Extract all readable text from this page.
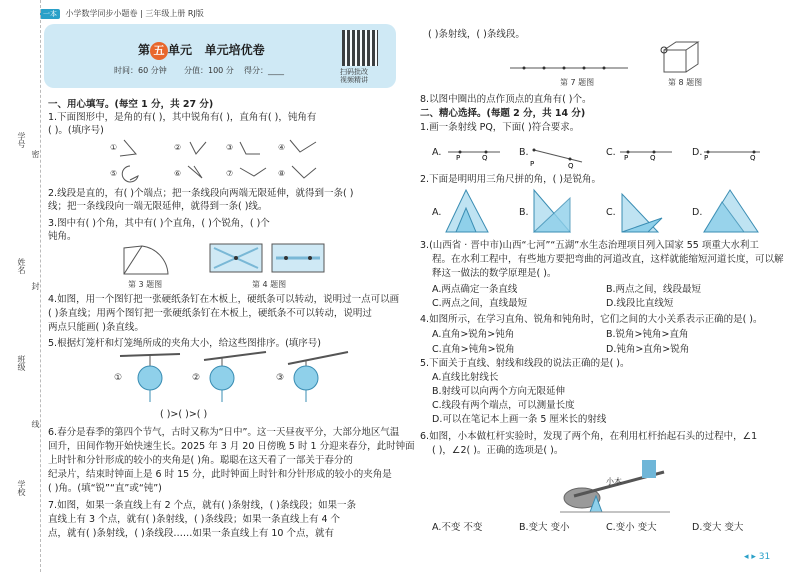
一本 小学数学同步小题卷 | 三年级上册 RJ版
学号
姓名
封
班级
线
学校
密
第 五 单元 单元培优卷
时间：60 分钟 分值：100 分 得分：____	扫码批改
视频精讲
一、用心填写。(每空 1 分，共 27 分)
1.下面图形中，是角的有( )，其中锐角有( )，直角有( )，钝角有
( )。(填序号)
①	②	③	④
⑤	⑥	⑦	⑧
2.线段是直的，有( )个端点；把一条线段向两端无限延伸，就得到一条( )
线；把一条线段向一端无限延伸，就得到一条( )线。
3.图中有( )个角，其中有( )个直角，( )个锐角，( )个
钝角。
第 3 题图	第 4 题图
4.如图，用一个图钉把一张硬纸条钉在木板上，硬纸条可以转动，说明过一点可以画
( )条直线；用两个图钉把一张硬纸条钉在木板上，硬纸条不可以转动，说明过
两点只能画( )条直线。
5.根据灯笼杆和灯笼绳所成的夹角大小，给这些图排序。(填序号)
①	②	③
( )>( )>( )
6.春分是春季的第四个节气，古时又称为“日中”。这一天昼夜平分，大部分地区气温
回升，田间作物开始快速生长。2025 年 3 月 20 日傍晚 5 时 1 分迎来春分，此时钟面
上时针和分针形成的较小的夹角是( )角。聪聪在这天看了一部关于春分的
纪录片，结束时钟面上是 6 时 15 分，此时钟面上时针和分针形成的较小的夹角是
( )角。(填“锐”“直”或“钝”)
7.如图，如果一条直线上有 2 个点，就有( )条射线，( )条线段；如果一条
直线上有 3 个点，就有( )条射线，( )条线段；如果一条直线上有 4 个
点，就有( )条射线，( )条线段……如果一条直线上有 10 个点，就有
( )条射线，( )条线段。
第 7 题图	第 8 题图
8.以图中圈出的点作顶点的直角有( )个。
二、精心选择。(每题 2 分，共 14 分)
1.画一条射线 PQ，下面( )符合要求。
A. P	Q	B.
P	Q
C. P	Q	D. P	Q
2.下面是明明用三角尺拼的角，( )是锐角。
A.	B.	C.	D.
3.(山西省 · 晋中市)山西“七河”“五湖”水生态治理项目列入国家 55 项重大水利工
程。在水利工程中，有些地方要把弯曲的河道改直，这样就能缩短河道长度，可以解
释这一做法的数学原理是( )。
A.两点确定一条直线	B.两点之间，线段最短
C.两点之间，直线最短	D.线段比直线短
4.如图所示，在学习直角、锐角和钝角时，它们之间的大小关系表示正确的是( )。
A.直角>锐角>钝角	B.锐角>钝角>直角
C.直角>钝角>锐角	D.钝角>直角>锐角
5.下面关于直线、射线和线段的说法正确的是( )。
A.直线比射线长
B.射线可以向两个方向无限延伸
C.线段有两个端点，可以测量长度
D.可以在笔记本上画一条 5 厘米长的射线
6.如图，小本做杠杆实验时，发现了两个角，在利用杠杆抬起石头的过程中，∠1
( )，∠2( )。正确的选项是( )。
小本
A.不变 不变	B.变大 变小	C.变小 变大	D.变大 变大
◂ ▸ 31
